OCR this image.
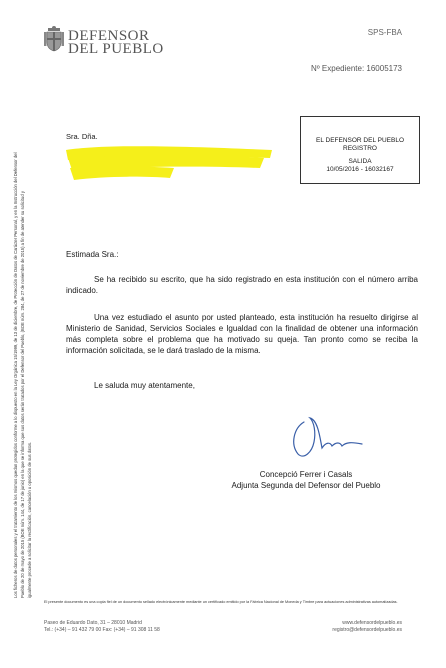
DEFENSOR
DEL PUEBLO
SPS-FBA
Nº Expediente: 16005173
Los ficheros de datos personales y el tratamiento de los mismos quedan protegidos conforme a lo dispuesto en la Ley Orgánica 15/1999, de 13 de diciembre, de Protección de Datos de Carácter Personal, y en la Instrucción del Defensor del Pueblo de 20 de mayo de 2015 (BOE núm. 144, de 17 de junio) en la que se informa que sus datos serán tratados por el Defensor del Pueblo, (BOE núm. 284, de 27 de noviembre de 2015) a fin de atender su solicitud y igualmente procede a solicitar la rectificación, cancelación u oposición de sus datos.
Sra. Dña.	EL DEFENSOR DEL PUEBLO
REGISTRO
SALIDA
10/05/2016 - 16032167
Estimada Sra.:
Se ha recibido su escrito, que ha sido registrado en esta institución con el número arriba indicado.
Una vez estudiado el asunto por usted planteado, esta institución ha resuelto dirigirse al Ministerio de Sanidad, Servicios Sociales e Igualdad con la finalidad de obtener una información más completa sobre el problema que ha motivado su queja. Tan pronto como se reciba la información solicitada, se le dará traslado de la misma.
Le saluda muy atentamente,
Concepció Ferrer i Casals
Adjunta Segunda del Defensor del Pueblo
El presente documento es una copia fiel de un documento sellado electrónicamente mediante un certificado emitido por la Fábrica Nacional de Moneda y Timbre para actuaciones administrativas automatizadas.
Paseo de Eduardo Dato, 31 – 28010 Madrid
Tel.: (+34) – 91 432 79 00 Fax: (+34) – 91 308 11 58
www.defensordelpueblo.es
registro@defensordelpueblo.es
